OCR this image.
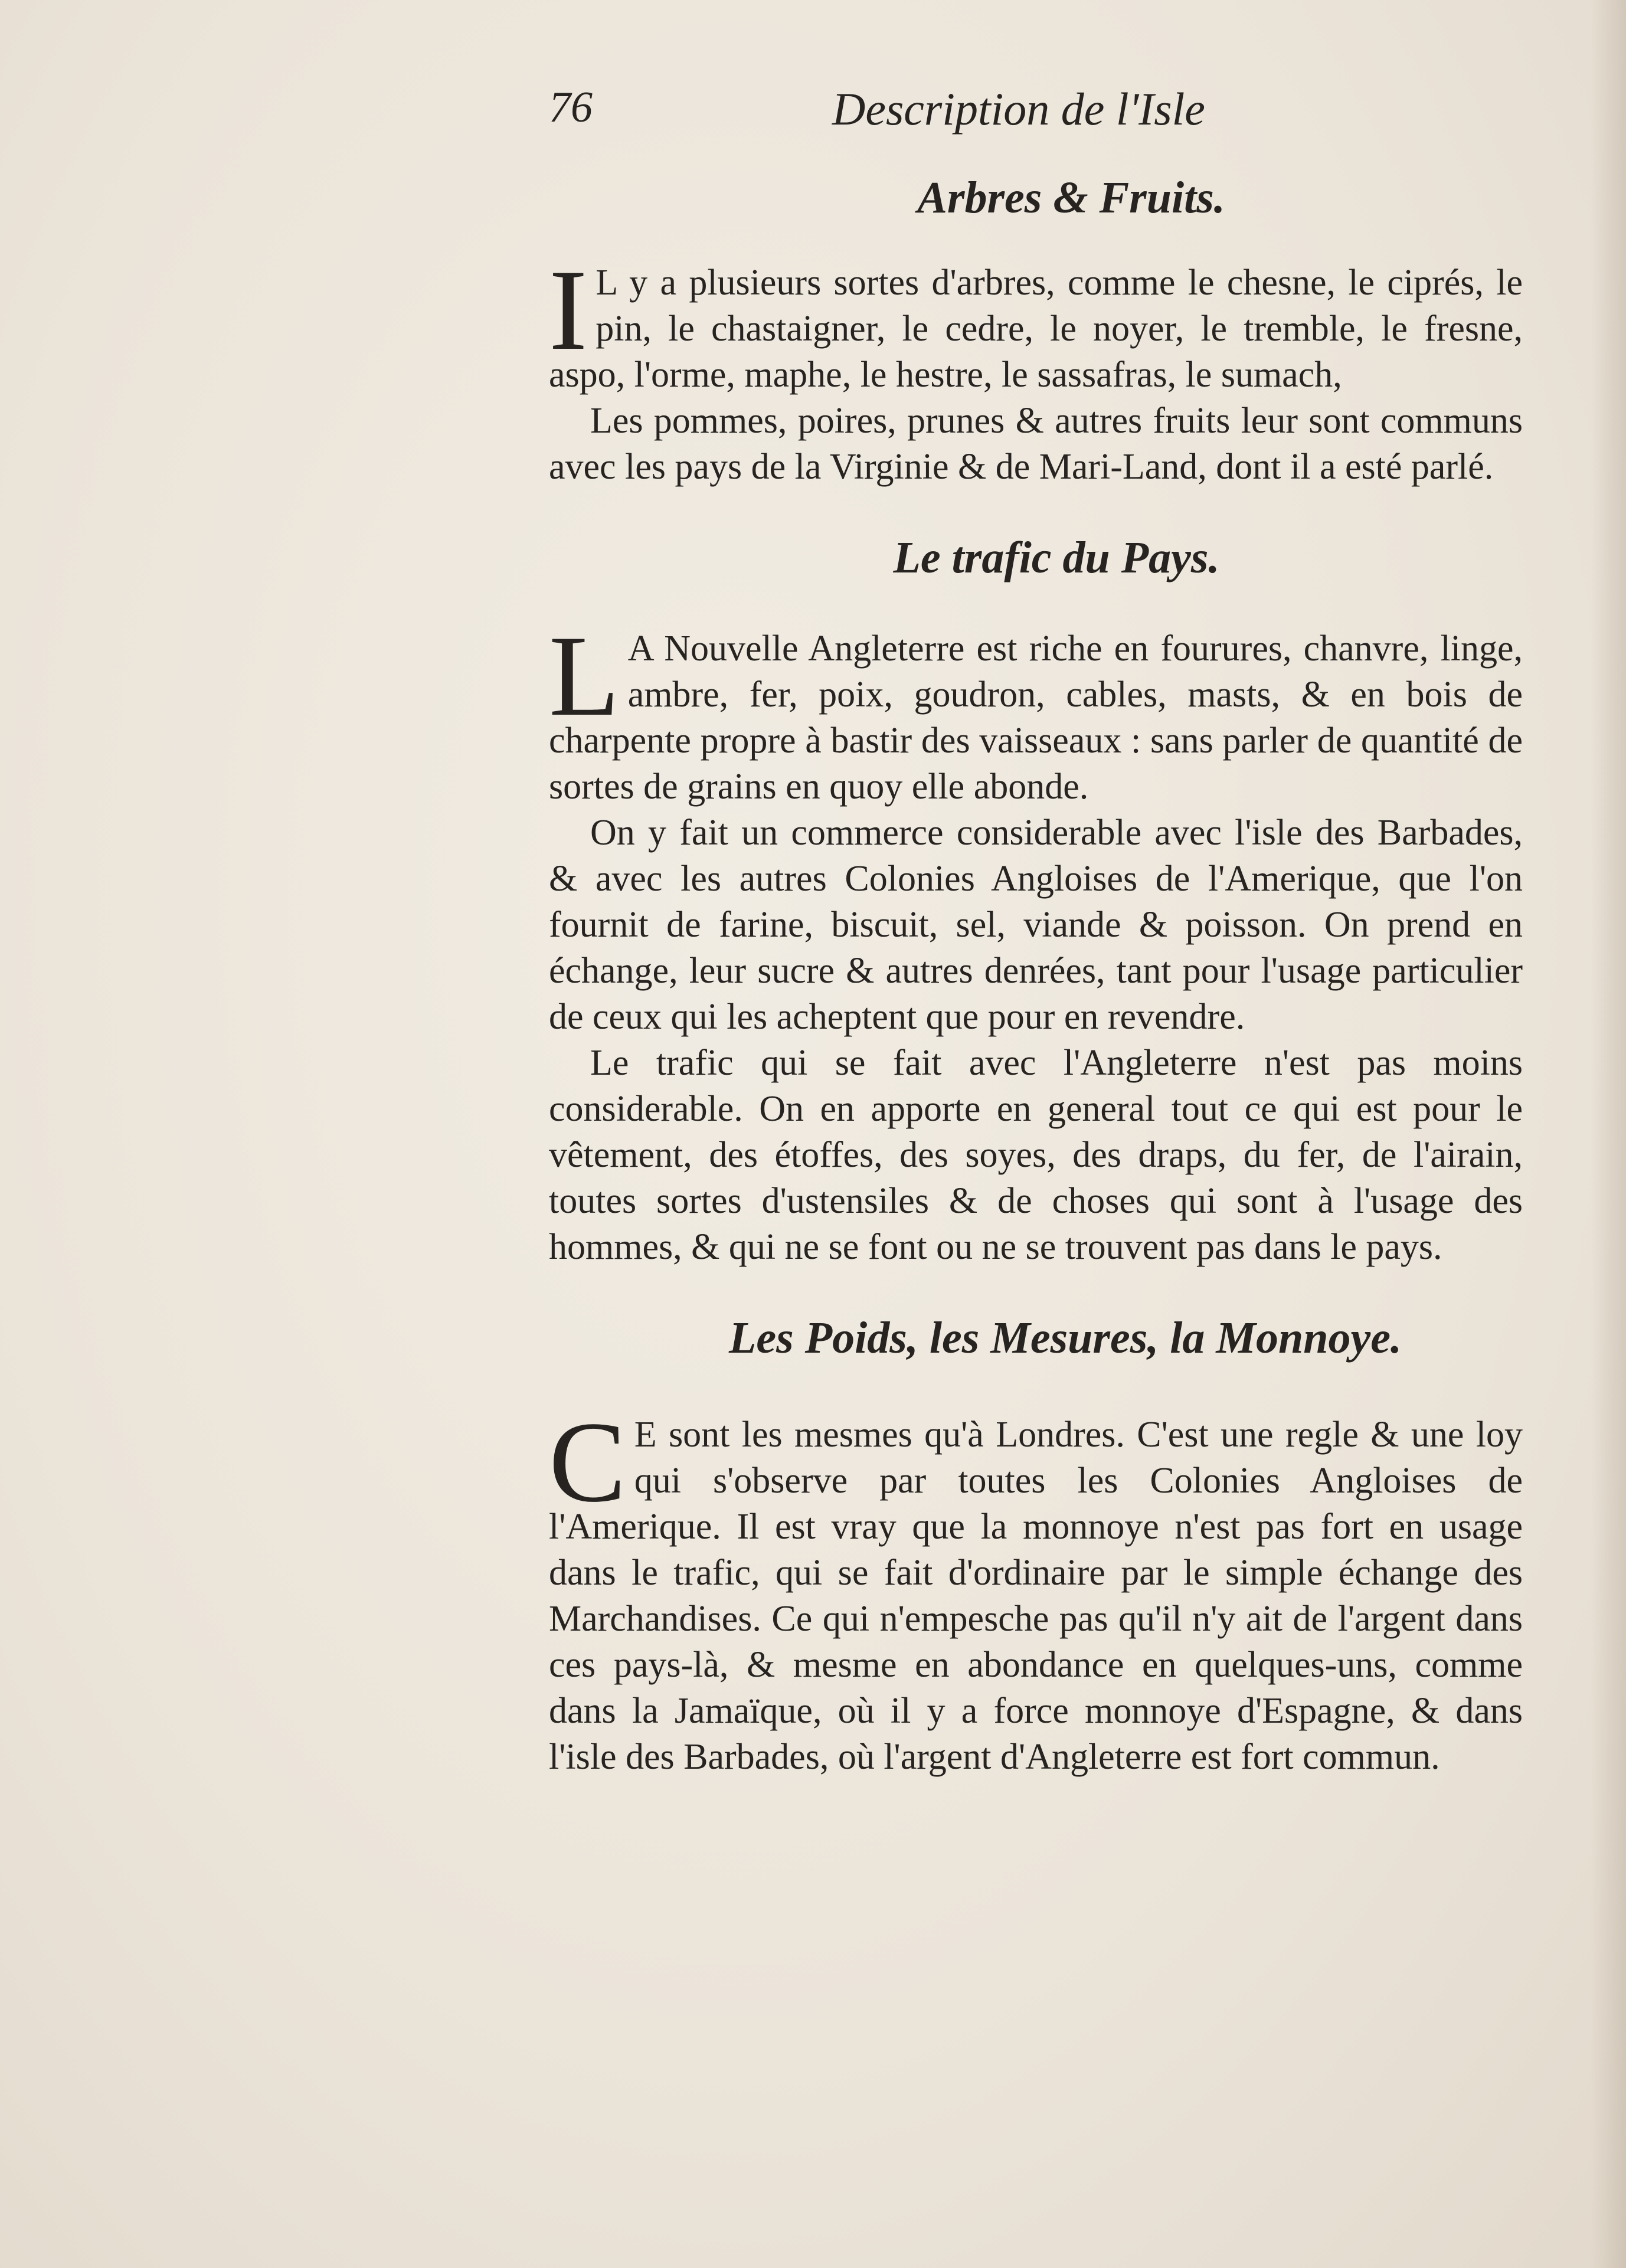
76	Description de l'Isle
Arbres & Fruits.

I L y a plusieurs sortes d'arbres, comme le chesne, le ciprés, le pin, le chastaigner, le cedre, le noyer, le tremble, le fresne, aspo, l'orme, maphe, le hestre, le sassafras, le sumach,

Les pommes, poires, prunes & autres fruits leur sont communs avec les pays de la Virginie & de Mari-Land, dont il a esté parlé.

Le trafic du Pays.

L A Nouvelle Angleterre est riche en fourures, chanvre, linge, ambre, fer, poix, goudron, cables, masts, & en bois de charpente propre à bastir des vaisseaux : sans parler de quantité de sortes de grains en quoy elle abonde.

On y fait un commerce considerable avec l'isle des Barbades, & avec les autres Colonies Angloises de l'Amerique, que l'on fournit de farine, biscuit, sel, viande & poisson. On prend en échange, leur sucre & autres denrées, tant pour l'usage particulier de ceux qui les acheptent que pour en revendre.

Le trafic qui se fait avec l'Angleterre n'est pas moins considerable. On en apporte en general tout ce qui est pour le vêtement, des étoffes, des soyes, des draps, du fer, de l'airain, toutes sortes d'ustensiles & de choses qui sont à l'usage des hommes, & qui ne se font ou ne se trouvent pas dans le pays.

Les Poids, les Mesures, la Monnoye.

C E sont les mesmes qu'à Londres. C'est une regle & une loy qui s'observe par toutes les Colonies Angloises de l'Amerique. Il est vray que la monnoye n'est pas fort en usage dans le trafic, qui se fait d'ordinaire par le simple échange des Marchandises. Ce qui n'empesche pas qu'il n'y ait de l'argent dans ces pays-là, & mesme en abondance en quelques-uns, comme dans la Jamaïque, où il y a force monnoye d'Espagne, & dans l'isle des Barbades, où l'argent d'Angleterre est fort commun.
